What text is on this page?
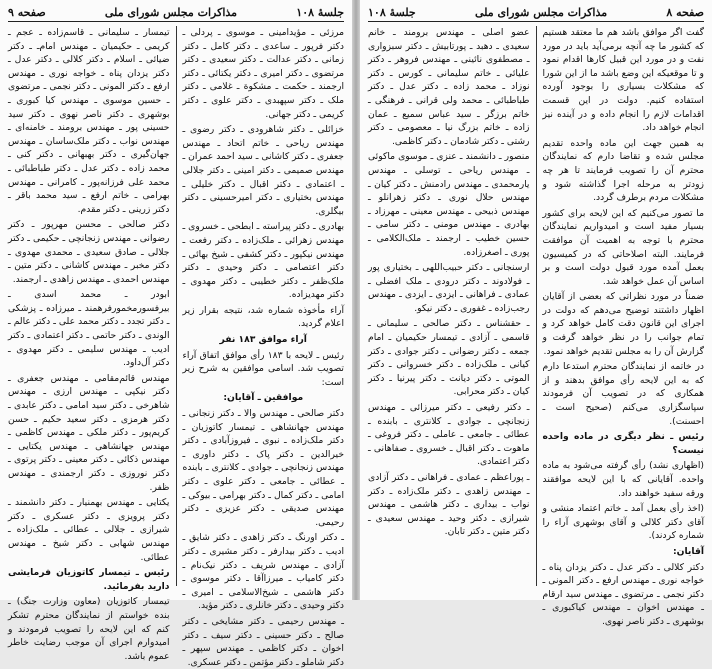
جلسهٔ ۱۰۸
مذاکرات مجلس شورای ملی
صفحه ۹

مرزئی ـ مؤید‌امینی ـ موسوی ـ پردلی ـ دکتر فرپور ـ ساعدی ـ دکتر کامل ـ دکتر زمانی ـ دکتر عدالت ـ دکتر سعیدی ـ دکتر مرتضوی ـ دکتر امیری ـ دکتر یکتائی ـ دکتر ارجمند ـ حکمت ـ مشکوة ـ غلامی ـ دکتر ملک ـ دکتر سپهبدی ـ دکتر علوی ـ دکتر کریمی ـ دکتر جهانی.

خزائلی ـ دکتر شاهرودی ـ دکتر رضوی ـ مهندس ریاحی ـ خاتم اتحاد ـ مهندس جعفری ـ دکتر کاشانی ـ سید احمد عمران ـ مهندس صمیمی ـ دکتر امینی ـ دکتر جلالی ـ اعتمادی ـ دکتر اقبال ـ دکتر خلیلی ـ مهندس بختیاری ـ دکتر امیرحسینی ـ دکتر بیگلری.

بهادری ـ دکتر پیراسته ـ ابطحی ـ خسروی ـ مهندس زهرائی ـ ملک‌زاده ـ دکتر رفعت ـ مهندس نیکپور ـ دکتر کشفی ـ شیخ بهائی ـ دکتر اعتصامی ـ دکتر وحیدی ـ دکتر ملک‌ظفر ـ دکتر خطیبی ـ دکتر مهدوی ـ دکتر مهدیزاده.

آراء مأخوذه شماره شد، نتیجه بقرار زیر اعلام گردید.

آراء موافق ۱۸۳ نفر

رئیس ـ لایحه با ۱۸۳ رأی موافق اتفاق آراء تصویب شد. اسامی موافقین به شرح زیر است:

موافقین ـ آقایان:

دکتر صالحی ـ مهندس والا ـ دکتر زنجانی ـ مهندس جهانشاهی ـ تیمسار کاتوزیان ـ دکتر ملک‌زاده ـ نبوی ـ فیروزآبادی ـ دکتر خیرالدین ـ دکتر پاک ـ دکتر داوری ـ مهندس زنجانچی ـ جوادی ـ کلانتری ـ بابنده ـ عطائی ـ جامعی ـ دکتر علوی ـ دکتر امامی ـ دکتر کمال ـ دکتر بهرامی ـ بیوکی ـ مهندس صدیقی ـ دکتر عزیزی ـ دکتر رحیمی.

ـ دکتر اورنگ ـ دکتر زاهدی ـ دکتر شایق ـ ادیب ـ دکتر بیدارفر ـ دکتر مشیری ـ دکتر آزادی ـ مهندس شریف ـ دکتر نیک‌نام ـ دکتر کامیاب ـ میرزا‌آقا ـ دکتر موسوی ـ دکتر هاشمی ـ شیخ‌الاسلامی ـ امیری ـ دکتر وحیدی ـ دکتر خانلری ـ دکتر مؤید.

ـ مهندس رحیمی ـ دکتر مشایخی ـ دکتر صالح ـ دکتر حسینی ـ دکتر سیف ـ دکتر اخوان ـ دکتر کاظمی ـ مهندس سپهر ـ دکتر شاملو ـ دکتر مؤتمن ـ دکتر عسکری.

تیمسار ـ سلیمانی ـ قاسم‌زاده ـ عجم ـ کریمی ـ حکیمیان ـ مهندس امام‌ـ ـ دکتر ضیائی ـ اسلام ـ دکتر کلالی ـ دکتر عدل ـ دکتر یزدان پناه ـ خواجه نوری ـ مهندس ارفع ـ دکتر المونی ـ دکتر نجمی ـ مرتضوی ـ حسین موسوی ـ مهندس کیا کبوری ـ بوشهری ـ دکتر ناصر نهوی ـ دکتر سید حسینی پور ـ مهندس برومند ـ خامنه‌ای ـ مهندس نواب ـ دکتر ملک‌ساسان ـ مهندس جهان‌گیری ـ دکتر بهبهانی ـ دکتر کنی ـ محمد زاده ـ دکتر عدل ـ دکتر طباطبائی ـ محمد علی فرزانه‌پور ـ کامرانی ـ مهندس بهرامی ـ خاتم ارفع ـ سید محمد باقر ـ دکتر زرینی ـ دکتر مقدم.

دکتر صالحی ـ محسن مهرپور ـ دکتر رضوانی ـ مهندس زنجانچی ـ حکیمی ـ دکتر جلالی ـ صادق سعیدی ـ محمدی مهدوی ـ دکتر مخبر ـ مهندس کاشانی ـ دکتر متین ـ مهندس احمدی ـ مهندس زاهدی ـ ارجمند.

ابودر ـ محمد اسدی ـ بیرفسورمخمورفرهمند ـ میرزاده ـ پزشکی ـ دکتر تجدد ـ دکتر محمد علی ـ دکتر عالم ـ الوندی ـ دکتر حاتمی ـ دکتر اعتمادی ـ دکتر ادیب ـ مهندس سلیمی ـ دکتر مهدوی ـ دکتر آل‌داود.

مهندس قائم‌مقامی ـ مهندس جعفری ـ دکتر نیکپی ـ مهندس ارزی ـ مهندس شاهرخی ـ دکتر سید امامی ـ دکتر عابدی ـ دکتر هرمزی ـ دکتر سعید حکیم ـ حسن کریم‌پور ـ دکتر ملکی ـ مهندس کاظمی ـ مهندس جهانشاهی ـ مهندس یکتایی ـ مهندس ذکائی ـ دکتر معینی ـ دکتر پرتوی ـ دکتر نوروزی ـ دکتر ارجمندی ـ مهندس ظفر.

یکتایی ـ مهندس بهمنیار ـ دکتر دانشمند ـ دکتر پرویزی ـ دکتر عسکری ـ دکتر شیرازی ـ جلالی ـ عطائی ـ ملک‌زاده ـ مهندس شهابی ـ دکتر شیخ ـ مهندس عطائی.

رئیس ـ تیمسار کاتوزیان فرمایشی دارید بفرمائید.

تیمسار کاتوزیان (معاون وزارت جنگ) ـ بنده خواستم از نمایندگان محترم تشکر کنم که این لایحه را تصویب فرمودند و امیدوارم اجرای آن موجب رضایت خاطر عموم باشد.

صفحه ۸
مذاکرات مجلس شورای ملی
جلسهٔ ۱۰۸

گفت اگر موافق باشد هم ما معتقد هستیم که کشور ما چه آنچه برمی‌آید باید در مورد نفت و در مورد این قبیل کارها اقدام نمود و تا موقعیکه این وضع باشد ما از این شورا که مشکلات بسیاری را بوجود آورده استفاده کنیم. دولت در این قسمت اقدامات لازم را انجام داده و در آینده نیز انجام خواهد داد.

به همین جهت این ماده واحده تقدیم مجلس شده و تقاضا دارم که نمایندگان محترم آن را تصویب فرمایند تا هر چه زودتر به مرحله اجرا گذاشته شود و مشکلات مردم برطرف گردد.

ما تصور می‌کنیم که این لایحه برای کشور بسیار مفید است و امیدواریم نمایندگان محترم با توجه به اهمیت آن موافقت فرمایند. البته اصلاحاتی که در کمیسیون بعمل آمده مورد قبول دولت است و بر اساس آن عمل خواهد شد.

ضمناً در مورد نظراتی که بعضی از آقایان اظهار داشتند توضیح می‌دهم که دولت در اجرای این قانون دقت کامل خواهد کرد و تمام جوانب را در نظر خواهد گرفت و گزارش آن را به مجلس تقدیم خواهد نمود.

در خاتمه از نمایندگان محترم استدعا دارم که به این لایحه رأی موافق بدهند و از همکاری که در تصویب آن فرمودند سپاسگزاری می‌کنم (صحیح است ـ احسنت).

رئیس ـ نظر دیگری در ماده واحده نیست؟

(اظهاری نشد) رأی گرفته می‌شود به ماده واحده. آقایانی که با این لایحه موافقند ورقه سفید خواهند داد.

(اخذ رأی بعمل آمد ـ خاتم اعتماد منشی و آقای دکتر کلالی و آقای بوشهری آراء را شماره کردند).

آقایان:

دکتر کلالی ـ دکتر عدل ـ دکتر یزدان پناه ـ خواجه نوری ـ مهندس ارفع ـ دکتر المونی ـ دکتر نجمی ـ مرتضوی ـ مهندس سید ارقام ـ مهندس اخوان ـ مهندس کیاکبوری ـ بوشهری ـ دکتر ناصر نهوی.

عضو اصلی ـ مهندس برومند ـ خانم سعیدی ـ دهبد ـ پورتابیش ـ دکتر سبزواری ـ مصطفوی نائینی ـ مهندس فروهر ـ دکتر علیائی ـ خاتم سلیمانی ـ کورس ـ دکتر نوزاد ـ محمد زاده ـ دکتر عدل ـ دکتر طباطبائی ـ محمد ولی قرانی ـ فرهنگی ـ خاتم برزگر ـ سید عباس سمیع ـ عمان زاده ـ خاتم بزرگ نیا ـ معصومی ـ دکتر رشتی ـ دکتر شادمان ـ دکتر کاظمی.

منصور ـ دانشمند ـ عنزی ـ موسوی ماکوئی ـ مهندس ریاحی ـ توسلی ـ مهندس یارمحمدی ـ مهندس رادمنش ـ دکتر کیان ـ مهندس حلال نوری ـ دکتر زهرانلو ـ مهندس ذبیحی ـ مهندس معینی ـ مهرزاد ـ بهادری ـ مهندس مومنی ـ دکتر سامی ـ حسین خطیب ـ ارجمند ـ ملک‌الکلامی ـ پوری ـ اصغرزاده.

ارسنجانی ـ دکتر حبیب‌اللهی ـ بختیاری پور ـ فولادوند ـ دکتر درودی ـ ملک افضلی ـ عمادی ـ فراهانی ـ ایزدی ـ ایزدی ـ مهندس رجب‌زاده ـ غفوری ـ دکتر نیکو.

ـ حقشناس ـ دکتر صالحی ـ سلیمانی ـ قاسمی ـ آزادی ـ تیمسار حکیمیان ـ امام جمعه ـ دکتر رضوانی ـ دکتر جوادی ـ دکتر کیانی ـ ملک‌زاده ـ دکتر خسروانی ـ دکتر الموتی ـ دکتر دیانت ـ دکتر پیرنیا ـ دکتر کیان ـ دکتر محرابی.

ـ دکتر رفیعی ـ دکتر میرزائی ـ مهندس زنجانچی ـ جوادی ـ کلانتری ـ بابنده ـ عطائی ـ جامعی ـ عاملی ـ دکتر فروغی ـ ماهوت ـ دکتر اقبال ـ خسروی ـ صفاهانی ـ دکتر اعتمادی.

ـ پوراعظم ـ عمادی ـ فراهانی ـ دکتر آزادی ـ مهندس زاهدی ـ دکتر ملک‌زاده ـ دکتر نواب ـ بیداری ـ دکتر هاشمی ـ مهندس شیرازی ـ دکتر وحید ـ مهندس سعیدی ـ دکتر متین ـ دکتر تابان.
